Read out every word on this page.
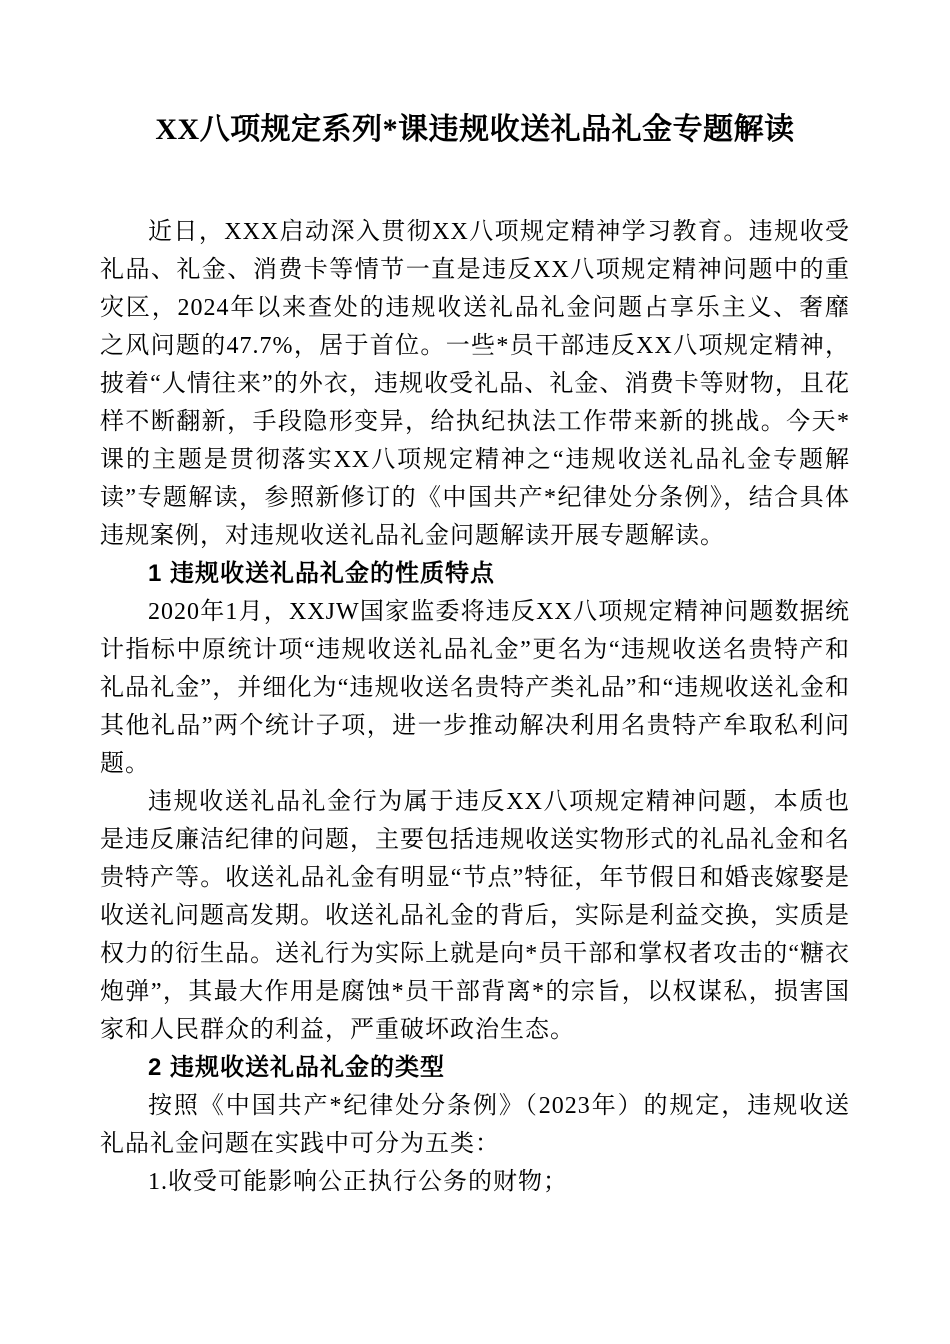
XX八项规定系列*课违规收送礼品礼金专题解读

近日，XXX启动深入贯彻XX八项规定精神学习教育。违规收受礼品、礼金、消费卡等情节一直是违反XX八项规定精神问题中的重灾区，2024年以来查处的违规收送礼品礼金问题占享乐主义、奢靡之风问题的47.7%，居于首位。一些*员干部违反XX八项规定精神，披着“人情往来”的外衣，违规收受礼品、礼金、消费卡等财物，且花样不断翻新，手段隐形变异，给执纪执法工作带来新的挑战。今天*课的主题是贯彻落实XX八项规定精神之“违规收送礼品礼金专题解读”专题解读，参照新修订的《中国共产*纪律处分条例》，结合具体违规案例，对违规收送礼品礼金问题解读开展专题解读。

1 违规收送礼品礼金的性质特点

2020年1月，XXJW国家监委将违反XX八项规定精神问题数据统计指标中原统计项“违规收送礼品礼金”更名为“违规收送名贵特产和礼品礼金”，并细化为“违规收送名贵特产类礼品”和“违规收送礼金和其他礼品”两个统计子项，进一步推动解决利用名贵特产牟取私利问题。

违规收送礼品礼金行为属于违反XX八项规定精神问题，本质也是违反廉洁纪律的问题，主要包括违规收送实物形式的礼品礼金和名贵特产等。收送礼品礼金有明显“节点”特征，年节假日和婚丧嫁娶是收送礼问题高发期。收送礼品礼金的背后，实际是利益交换，实质是权力的衍生品。送礼行为实际上就是向*员干部和掌权者攻击的“糖衣炮弹”，其最大作用是腐蚀*员干部背离*的宗旨，以权谋私，损害国家和人民群众的利益，严重破坏政治生态。

2 违规收送礼品礼金的类型

按照《中国共产*纪律处分条例》（2023年）的规定，违规收送礼品礼金问题在实践中可分为五类：

1.收受可能影响公正执行公务的财物；
